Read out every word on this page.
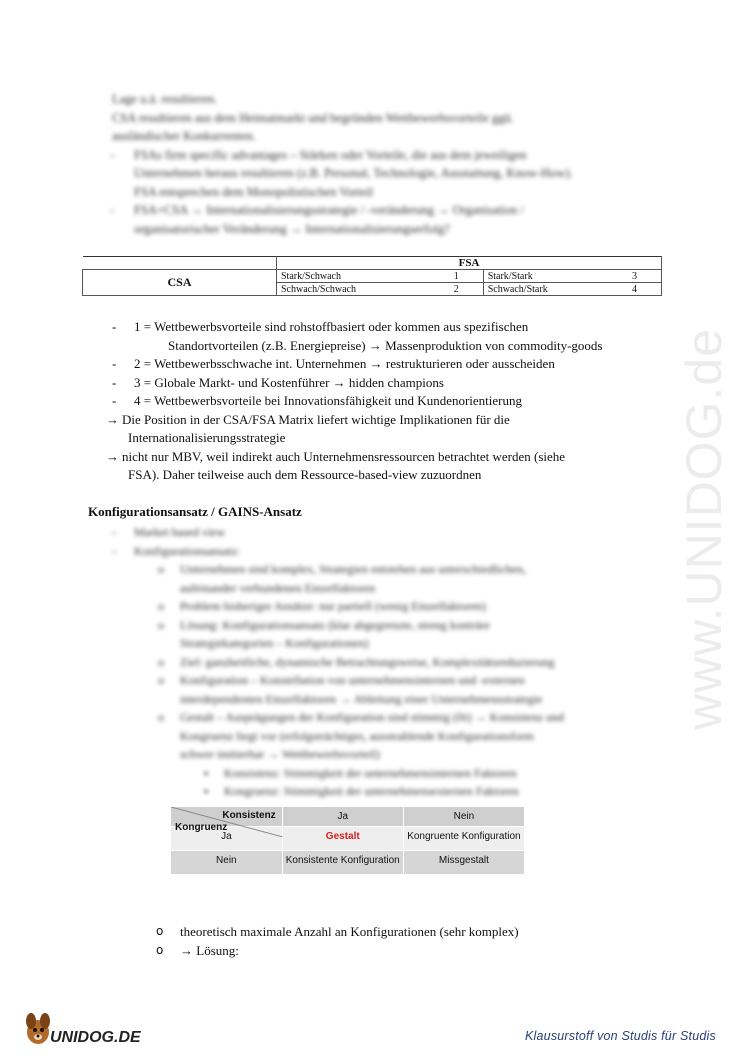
Lage u.ä. resultieren.
CSA resultieren aus dem Heimatmarkt und begründen Wettbewerbsvorteile ggü.
ausländischer Konkurrenten.
- FSAs firm specific advantages – Stärken oder Vorteile, die aus dem jeweiligen
Unternehmen heraus resultieren (z.B. Personal, Technologie, Ausstattung, Know-How).
FSA entsprechen dem Monopolistischen Vorteil
- FSA+CSA → Internationalisierungsstrategie / -veränderung → Organisation /
organisatorischer Veränderung → Internationalisierungserfolg?
	FSA	
CSA	Stark/Schwach 1	Stark/Stark 3

	Schwach/Schwach 2	Schwach/Stark 4
- 1 = Wettbewerbsvorteile sind rohstoffbasiert oder kommen aus spezifischen
Standortvorteilen (z.B. Energiepreise) → Massenproduktion von commodity-goods
- 2 = Wettbewerbsschwache int. Unternehmen → restrukturieren oder ausscheiden
- 3 = Globale Markt- und Kostenführer → hidden champions
- 4 = Wettbewerbsvorteile bei Innovationsfähigkeit und Kundenorientierung
→ Die Position in der CSA/FSA Matrix liefert wichtige Implikationen für die
Internationalisierungsstrategie
→ nicht nur MBV, weil indirekt auch Unternehmensressourcen betrachtet werden (siehe
FSA). Daher teilweise auch dem Ressource-based-view zuzuordnen
Konfigurationsansatz / GAINS-Ansatz
- Market based view
- Konfigurationsansatz:
o Unternehmen sind komplex, Strategien entstehen aus unterschiedlichen,
aufeinander verbundenen Einzelfaktoren
o Problem bisheriger Ansätze: nur partiell (wenig Einzelfaktoren)
o Lösung: Konfigurationsansatz (klar abgegrenzte, streng konträre
Strategiekategorien – Konfigurationen)
o Ziel: ganzheitliche, dynamische Betrachtungsweise, Komplexitätsreduzierung
o Konfiguration – Konstellation von unternehmensinternen und -externen
interdependenten Einzelfaktoren → Ableitung einer Unternehmensstrategie
o Gestalt – Ausprägungen der Konfiguration sind stimmig (fit) → Konsistenz und
Kongruenz liegt vor (erfolgsträchtiges, ausstrahlende Konfigurationsform
schwer imitierbar → Wettbewerbsvorteil)
▪ Konsistenz: Stimmigkeit der unternehmensinternen Faktoren
▪ Kongruenz: Stimmigkeit der unternehmensexternen Faktoren
Konsistenz
Kongruenz	Ja	Nein
Ja	Gestalt	Kongruente Konfiguration
Nein	Konsistente Konfiguration	Missgestalt
o theoretisch maximale Anzahl an Konfigurationen (sehr komplex)
o → Lösung:
www.UNIDOG.de
UNIDOG.DE	Klausurstoff von Studis für Studis
